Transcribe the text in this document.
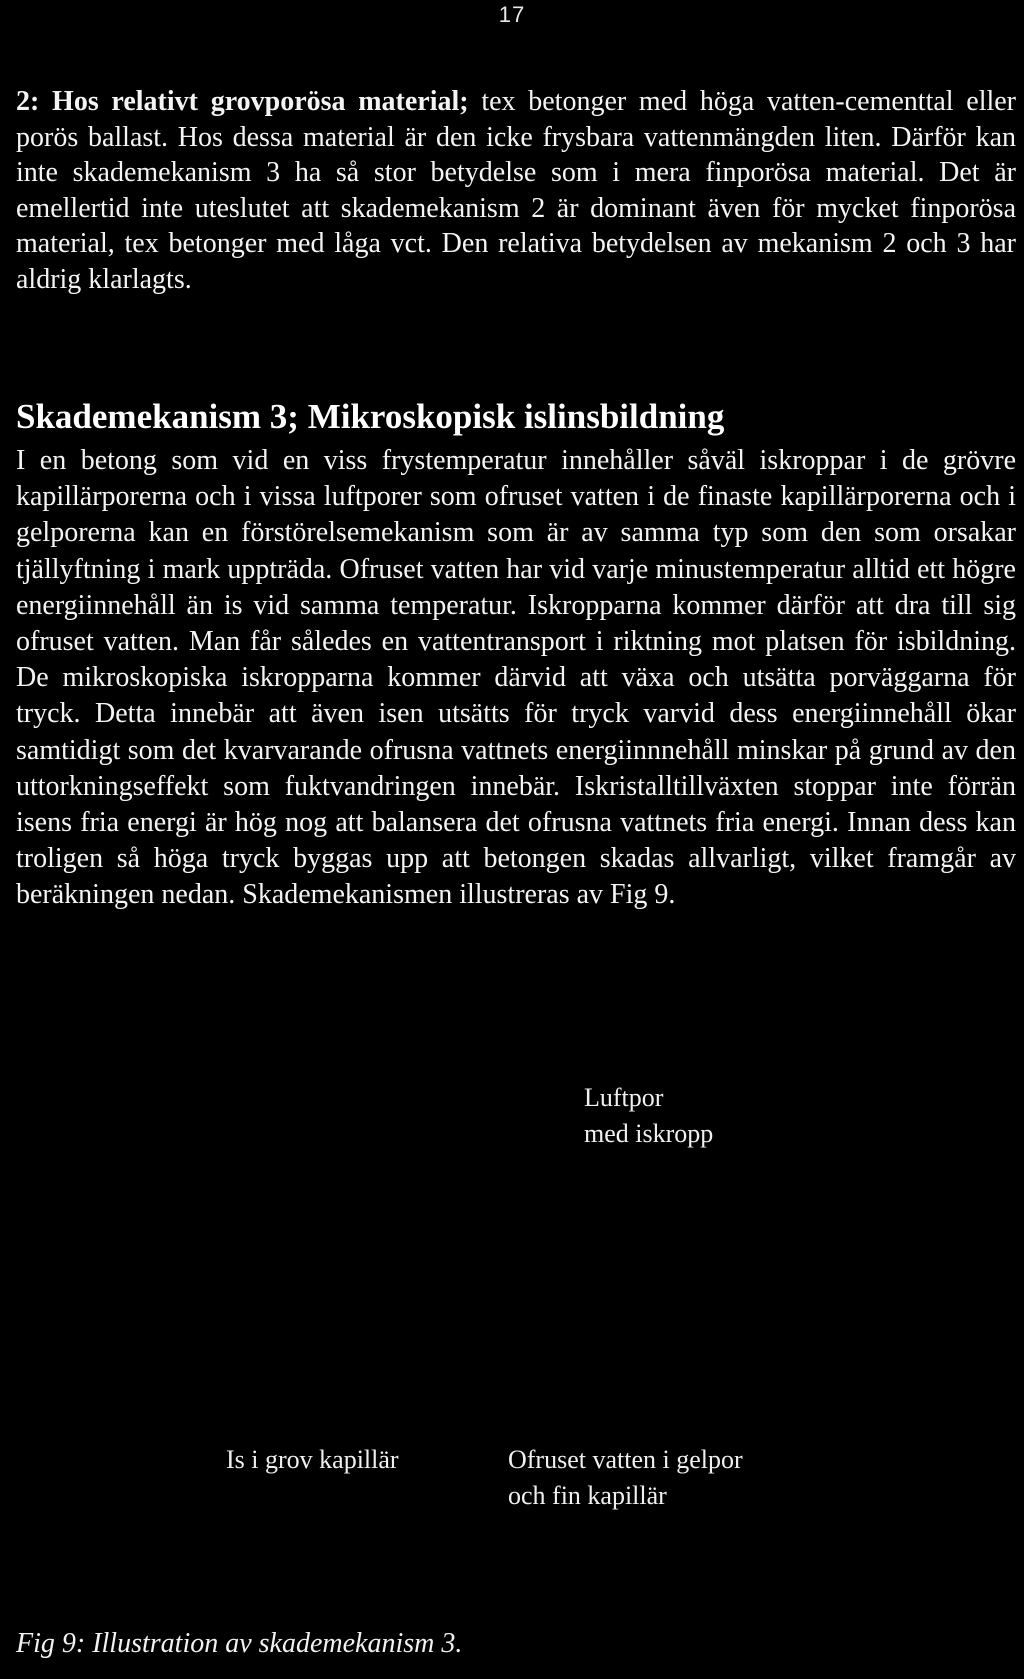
17

2: Hos relativt grovporösa material; tex betonger med höga vatten-cementtal eller porös ballast. Hos dessa material är den icke frysbara vattenmängden liten. Därför kan inte skademekanism 3 ha så stor betydelse som i mera finporösa material. Det är emellertid inte uteslutet att skademekanism 2 är dominant även för mycket finporösa material, tex betonger med låga vct. Den relativa betydelsen av mekanism 2 och 3 har aldrig klarlagts.

Skademekanism 3; Mikroskopisk islinsbildning

I en betong som vid en viss frystemperatur innehåller såväl iskroppar i de grövre kapillärporerna och i vissa luftporer som ofruset vatten i de finaste kapillärporerna och i gelporerna kan en förstörelsemekanism som är av samma typ som den som orsakar tjällyftning i mark uppträda. Ofruset vatten har vid varje minustemperatur alltid ett högre energiinnehåll än is vid samma temperatur. Iskropparna kommer därför att dra till sig ofruset vatten. Man får således en vattentransport i riktning mot platsen för isbildning. De mikroskopiska iskropparna kommer därvid att växa och utsätta porväggarna för tryck. Detta innebär att även isen utsätts för tryck varvid dess energiinnehåll ökar samtidigt som det kvarvarande ofrusna vattnets energiinnnehåll minskar på grund av den uttorkningseffekt som fuktvandringen innebär. Iskristalltillväxten stoppar inte förrän isens fria energi är hög nog att balansera det ofrusna vattnets fria energi. Innan dess kan troligen så höga tryck byggas upp att betongen skadas allvarligt, vilket framgår av beräkningen nedan. Skademekanismen illustreras av Fig 9.

Luftpor
med iskropp

Is i grov kapillär	Ofruset vatten i gelpor
och fin kapillär

Fig 9: Illustration av skademekanism 3.
